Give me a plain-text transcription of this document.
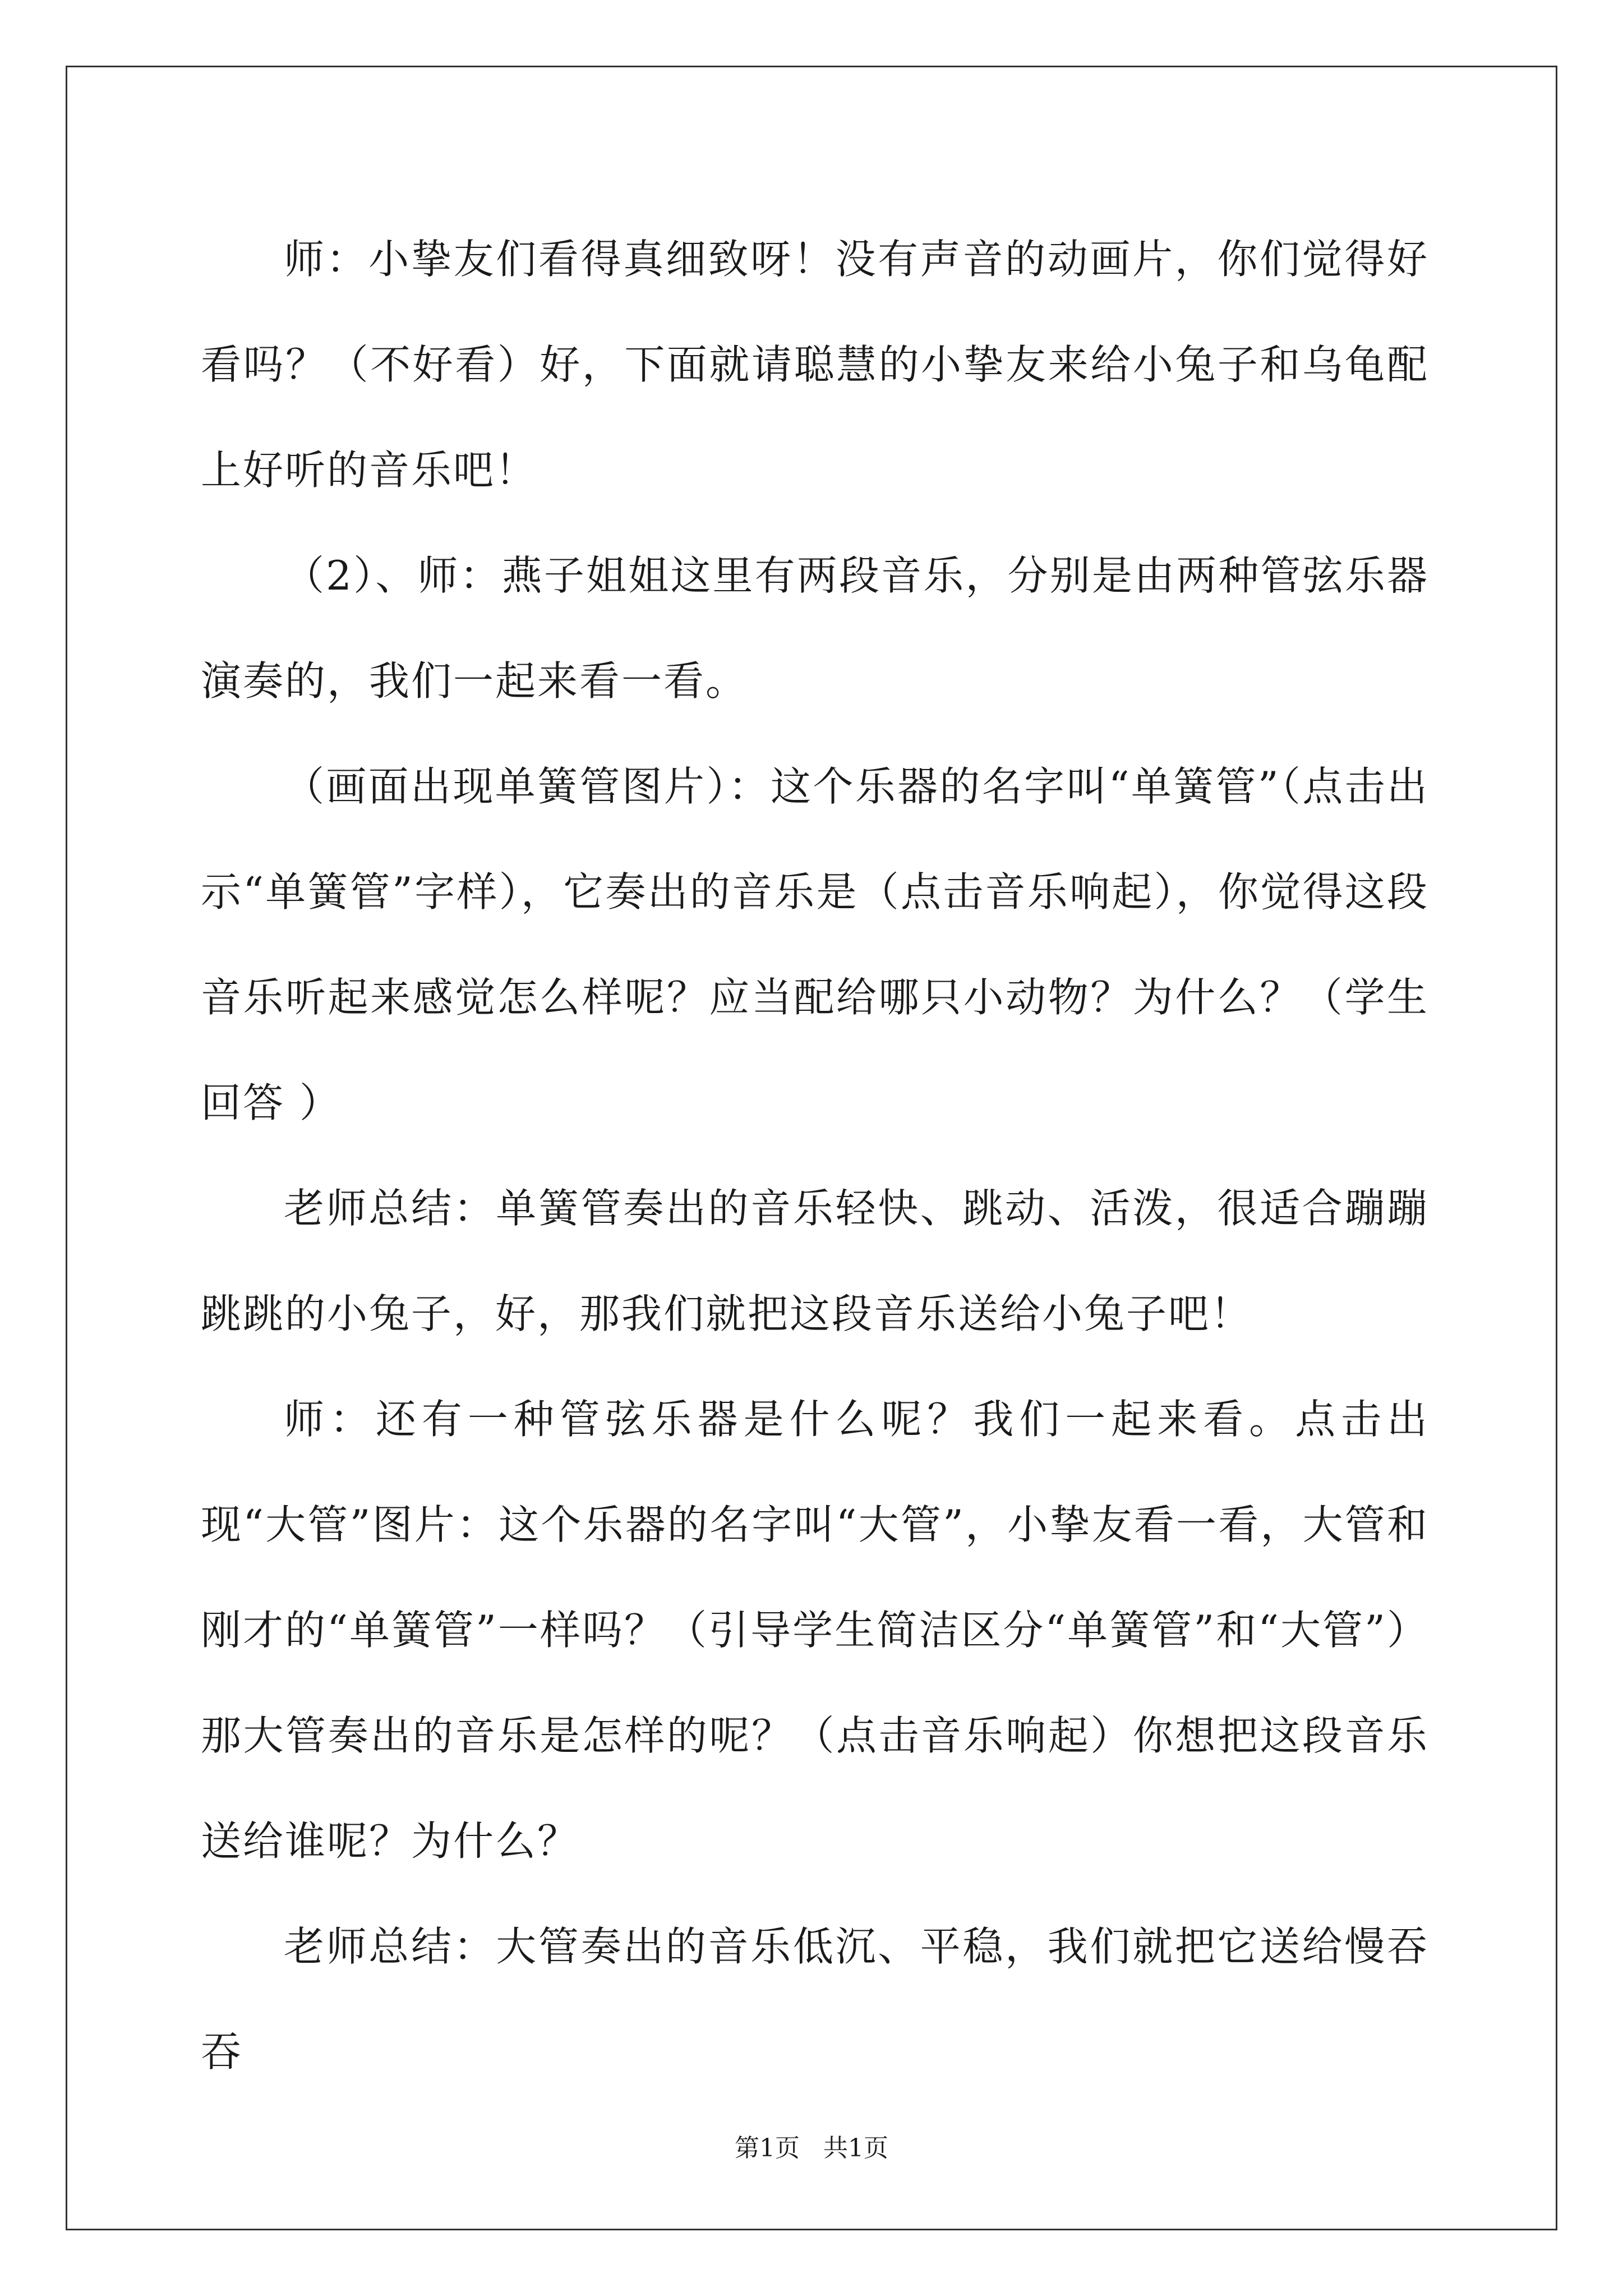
师：小挚友们看得真细致呀！没有声音的动画片，你们觉得好看吗？（不好看）好，下面就请聪慧的小挚友来给小兔子和乌龟配上好听的音乐吧！

（2）、师：燕子姐姐这里有两段音乐，分别是由两种管弦乐器演奏的，我们一起来看一看。

（画面出现单簧管图片）：这个乐器的名字叫“单簧管”（点击出示“单簧管”字样），它奏出的音乐是（点击音乐响起），你觉得这段音乐听起来感觉怎么样呢？应当配给哪只小动物？为什么？（学生回答 ）

老师总结：单簧管奏出的音乐轻快、跳动、活泼，很适合蹦蹦跳跳的小兔子，好，那我们就把这段音乐送给小兔子吧！

师：还有一种管弦乐器是什么呢？我们一起来看。点击出现“大管”图片：这个乐器的名字叫“大管”，小挚友看一看，大管和刚才的“单簧管”一样吗？（引导学生简洁区分“单簧管”和“大管”）那大管奏出的音乐是怎样的呢？（点击音乐响起）你想把这段音乐送给谁呢？为什么？

老师总结：大管奏出的音乐低沉、平稳，我们就把它送给慢吞吞

第1页 共1页
